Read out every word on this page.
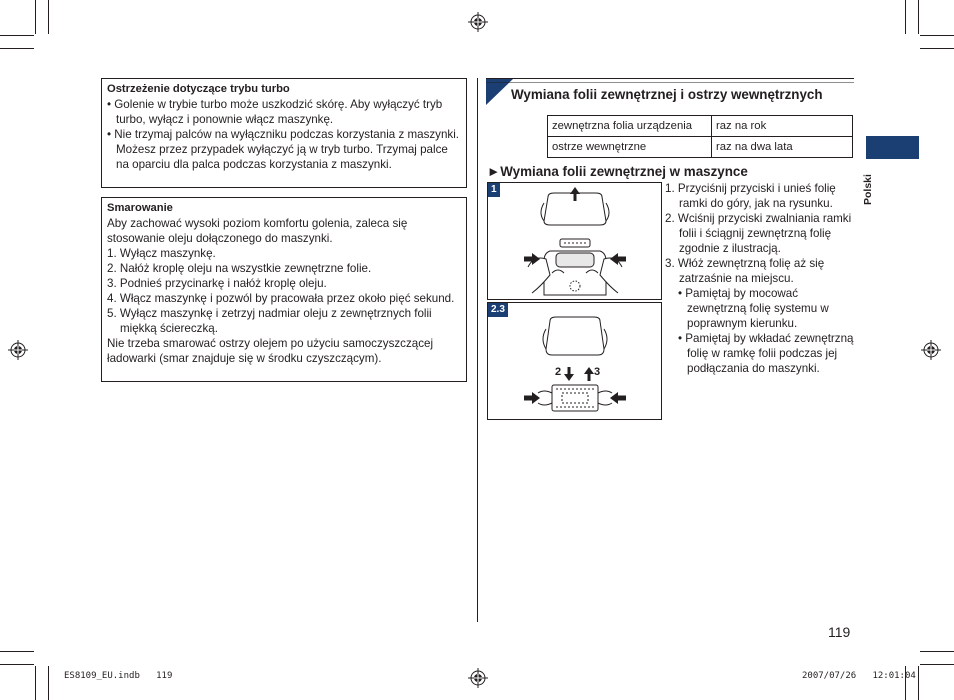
Ostrzeżenie dotyczące trybu turbo
• Golenie w trybie turbo może uszkodzić skórę. Aby wyłączyć tryb turbo, wyłącz i ponownie włącz maszynkę.
• Nie trzymaj palców na wyłączniku podczas korzystania z maszynki. Możesz przez przypadek wyłączyć ją w tryb turbo. Trzymaj palce na oparciu dla palca podczas korzystania z maszynki.
Smarowanie
Aby zachować wysoki poziom komfortu golenia, zaleca się stosowanie oleju dołączonego do maszynki.
1. Wyłącz maszynkę.
2. Nałóż kroplę oleju na wszystkie zewnętrzne folie.
3. Podnieś przycinarkę i nałóż kroplę oleju.
4. Włącz maszynkę i pozwól by pracowała przez około pięć sekund.
5. Wyłącz maszynkę i zetrzyj nadmiar oleju z zewnętrznych folii miękką ściereczką.
Nie trzeba smarować ostrzy olejem po użyciu samoczyszczącej ładowarki (smar znajduje się w środku czyszczącym).
Wymiana folii zewnętrznej i ostrzy wewnętrznych
zewnętrzna folia urządzenia	raz na rok
ostrze wewnętrzne	raz na dwa lata
►Wymiana folii zewnętrznej w maszynce
1
2.3
2	3
1. Przyciśnij przyciski i unieś folię ramki do góry, jak na rysunku.
2. Wciśnij przyciski zwalniania ramki folii i ściągnij zewnętrzną folię zgodnie z ilustracją.
3. Włóż zewnętrzną folię aż się zatrzaśnie na miejscu.
• Pamiętaj by mocować zewnętrzną folię systemu w poprawnym kierunku.
• Pamiętaj by wkładać zewnętrzną folię w ramkę folii podczas jej podłączania do maszynki.
Polski
119
ES8109_EU.indb   119	2007/07/26   12:01:04
